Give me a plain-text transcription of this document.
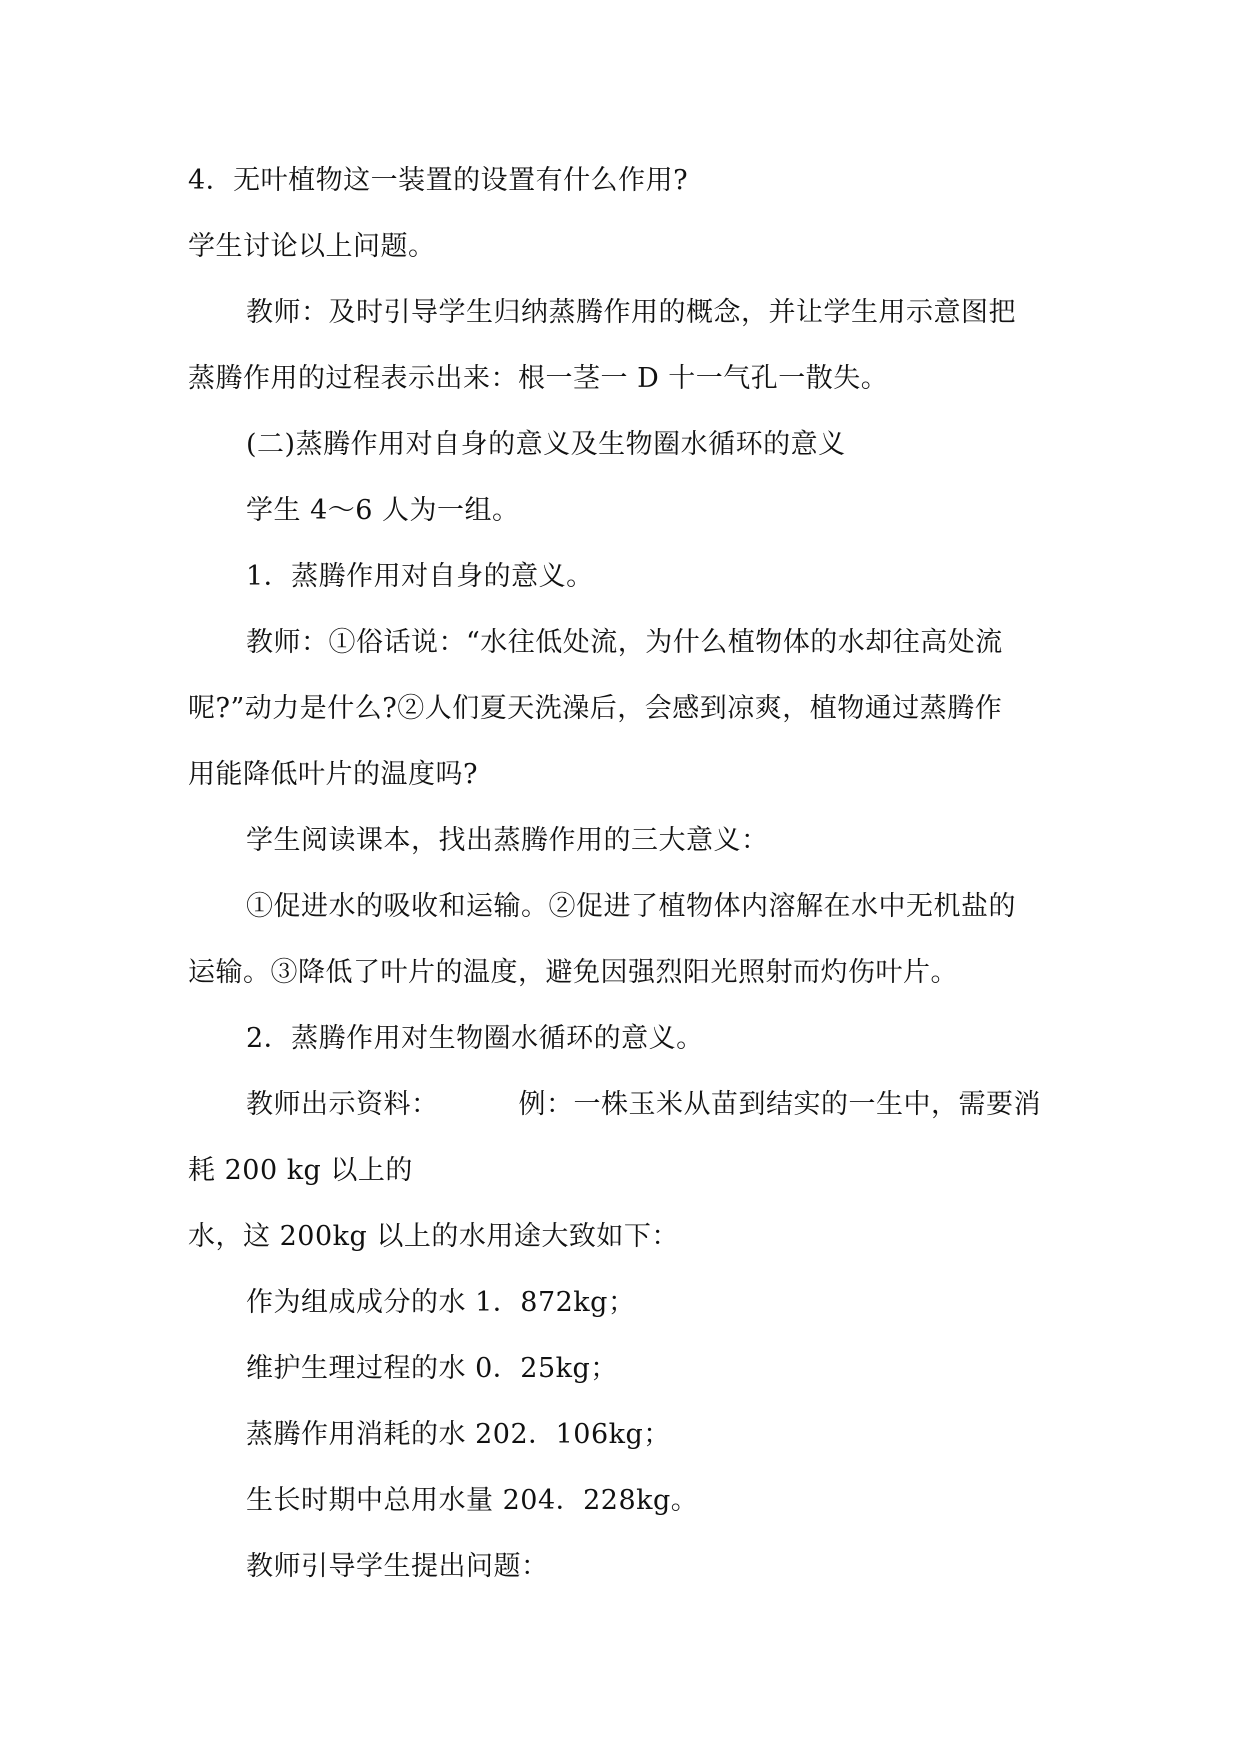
4．无叶植物这一装置的设置有什么作用?
学生讨论以上问题。
教师：及时引导学生归纳蒸腾作用的概念，并让学生用示意图把
蒸腾作用的过程表示出来：根一茎一 D 十一气孔一散失。
(二)蒸腾作用对自身的意义及生物圈水循环的意义
学生 4～6 人为一组。
1．蒸腾作用对自身的意义。
教师：①俗话说：“水往低处流，为什么植物体的水却往高处流
呢?”动力是什么?②人们夏天洗澡后，会感到凉爽，植物通过蒸腾作
用能降低叶片的温度吗?
学生阅读课本，找出蒸腾作用的三大意义：
①促进水的吸收和运输。②促进了植物体内溶解在水中无机盐的
运输。③降低了叶片的温度，避免因强烈阳光照射而灼伤叶片。
2．蒸腾作用对生物圈水循环的意义。
教师出示资料：	例：一株玉米从苗到结实的一生中，需要消
耗 200 kg 以上的
水，这 200kg 以上的水用途大致如下：
作为组成成分的水 1．872kg；
维护生理过程的水 0．25kg；
蒸腾作用消耗的水 202．106kg；
生长时期中总用水量 204．228kg。
教师引导学生提出问题：
